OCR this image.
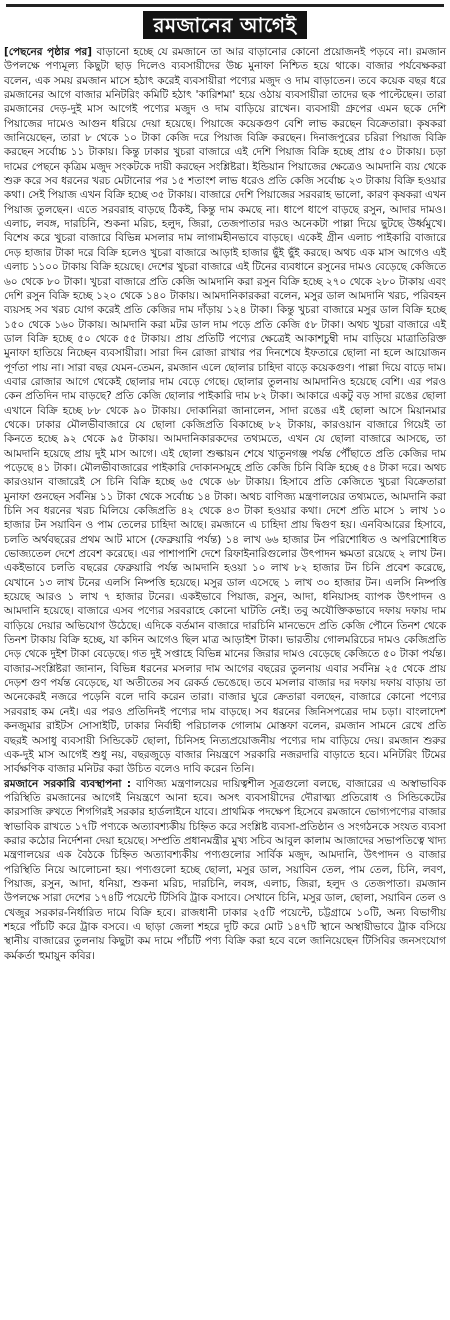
রমজানের আগেই

[পেছনের পৃষ্ঠার পর] বাড়ানো হচ্ছে যে রমজানে তা আর বাড়ানোর কোনো প্রয়োজনই পড়বে না। রমজান উপলক্ষে পণ্যমূল্য কিছুটা ছাড় দিলেও ব্যবসায়ীদের উচ্চ মুনাফা নিশ্চিত হয়ে থাকে। বাজার পর্যবেক্ষকরা বলেন, এক সময় রমজান মাসে হঠাৎ করেই ব্যবসায়ীরা পণ্যের মজুদ ও দাম বাড়াতেন। তবে কয়েক বছর ধরে রমজানের আগে বাজার মনিটরিং কমিটি হঠাৎ 'কারিশমা' হয়ে ওঠায় ব্যবসায়ীরা তাদের ছক পাল্টেছেন। তারা রমজানের দেড়-দুই মাস আগেই পণ্যের মজুদ ও দাম বাড়িয়ে রাখেন। ব্যবসায়ী গ্রুপের এমন ছকে দেশি পিয়াজের দামেও আগুন ধরিয়ে দেয়া হয়েছে। পিয়াজে কয়েকগুণ বেশি লাভ করছেন বিক্রেতারা। কৃষকরা জানিয়েছেন, তারা ৮ থেকে ১০ টাকা কেজি দরে পিয়াজ বিক্রি করছেন। দিনাজপুরের চরিরা পিয়াজ বিক্রি করছেন সর্বোচ্চ ১১ টাকায়। কিন্তু ঢাকার খুচরা বাজারে এই দেশি পিয়াজ বিক্রি হচ্ছে প্রায় ৫০ টাকায়। চড়া দামের পেছনে কৃত্রিম মজুদ সংকটকে দায়ী করছেন সংশ্লিষ্টরা। ইন্ডিয়ান পিয়াজের ক্ষেত্রেও আমদানি ব্যয় থেকে শুরু করে সব ধরনের খরচ মেটানোর পর ১৫ শতাংশ লাভ ধরেও প্রতি কেজি সর্বোচ্চ ২৩ টাকায় বিক্রি হওয়ার কথা। সেই পিয়াজ এখন বিক্রি হচ্ছে ৩৫ টাকায়। বাজারে দেশি পিয়াজের সরবরাহ ভালো, কারণ কৃষকরা এখন পিয়াজ তুলছেন। এতে সরবরাহ বাড়ছে ঠিকই, কিন্তু দাম কমছে না। ধাপে ধাপে বাড়ছে রসুন, আদার দামও। এলাচ, লবঙ্গ, দারচিনি, শুকনা মরিচ, হলুদ, জিরা, তেজপাতার দরও অনেকটা পাল্লা দিয়ে ছুটছে উর্ধ্বমুখে। বিশেষ করে খুচরা বাজারে বিভিন্ন মসলার দাম লাগামহীনভাবে বাড়ছে। একেই গ্রীন এলাচ পাইকারি বাজারে দেড় হাজার টাকা দরে বিক্রি হলেও খুচরা বাজারে আড়াই হাজার ছুঁই ছুঁই করছে। অথচ এক মাস আগেও এই এলাচ ১১০০ টাকায় বিক্রি হয়েছে। দেশের খুচরা বাজারে এই টিনের ব্যবধানে রসুনের দামও বেড়েছে কেজিতে ৬০ থেকে ৮০ টাকা। খুচরা বাজারে প্রতি কেজি আমদানি করা রসুন বিক্রি হচ্ছে ২৭০ থেকে ২৮০ টাকায় এবং দেশি রসুন বিক্রি হচ্ছে ১২০ থেকে ১৪০ টাকায়। আমদানিকারকরা বলেন, মসুর ডাল আমদানি খরচ, পরিবহন ব্যয়সহ সব খরচ যোগ করেই প্রতি কেজির দাম দাঁড়ায় ১২৪ টাকা। কিন্তু খুচরা বাজারে মসুর ডাল বিক্রি হচ্ছে ১৫০ থেকে ১৬০ টাকায়। আমদানি করা মটর ডাল দাম পড়ে প্রতি কেজি ৫৮ টাকা। অথচ খুচরা বাজারে এই ডাল বিক্রি হচ্ছে ৫০ থেকে ৫৫ টাকায়। প্রায় প্রতিটি পণ্যের ক্ষেত্রেই আকাশচুম্বী দাম বাড়িয়ে মাত্রাতিরিক্ত মুনাফা হাতিয়ে নিচ্ছেন ব্যবসায়ীরা। সারা দিন রোজা রাখার পর দিনশেষে ইফতারে ছোলা না হলে আয়োজন পূর্ণতা পায় না। সারা বছর যেমন-তেমন, রমজান এলে ছোলার চাহিদা বাড়ে কয়েকগুণ। পাল্লা দিয়ে বাড়ে দাম। এবার রোজার আগে থেকেই ছোলার দাম বেড়ে গেছে। ছোলার তুলনায় আমদানিও হয়েছে বেশি। এর পরও কেন প্রতিদিন দাম বাড়ছে? প্রতি কেজি ছোলার পাইকারি দাম ৮২ টাকা। আকারে একটু বড় সাদা রঙের ছোলা এখানে বিক্রি হচ্ছে ৮৮ থেকে ৯০ টাকায়। দোকানিরা জানালেন, সাদা রঙের এই ছোলা আসে মিয়ানমার থেকে। ঢাকার মৌলভীবাজারে যে ছোলা কেজিপ্রতি বিকাচ্ছে ৮২ টাকায়, কারওয়ান বাজারে গিয়েই তা কিনতে হচ্ছে ৯২ থেকে ৯৫ টাকায়। আমদানিকারকদের তথ্যমতে, এখন যে ছোলা বাজারে আসছে, তা আমদানি হয়েছে প্রায় দুই মাস আগে। এই ছোলা শুল্কায়ন শেষে খাতুনগঞ্জ পর্যন্ত পৌঁছাতে প্রতি কেজির দাম পড়েছে ৪১ টাকা। মৌলভীবাজারের পাইকারি দোকানসমূহে প্রতি কেজি চিনি বিক্রি হচ্ছে ৫৪ টাকা দরে। অথচ কারওয়ান বাজারেই সে চিনি বিক্রি হচ্ছে ৬৫ থেকে ৬৮ টাকায়। হিসাবে প্রতি কেজিতে খুচরা বিক্রেতারা মুনাফা গুনছেন সর্বনিম্ন ১১ টাকা থেকে সর্বোচ্চ ১৪ টাকা। অথচ বাণিজ্য মন্ত্রণালয়ের তথ্যমতে, আমদানি করা চিনি সব ধরনের খরচ মিলিয়ে কেজিপ্রতি ৪২ থেকে ৪৩ টাকা হওয়ার কথা। দেশে প্রতি মাসে ১ লাখ ১০ হাজার টন সয়াবিন ও পাম তেলের চাহিদা আছে। রমজানে এ চাহিদা প্রায় দ্বিগুণ হয়। এনবিআরের হিসাবে, চলতি অর্থবছরের প্রথম আট মাসে (ফেব্রুয়ারি পর্যন্ত) ১৪ লাখ ৬৬ হাজার টন পরিশোধিত ও অপরিশোধিত ভোজ্যতেল দেশে প্রবেশ করেছে। এর পাশাপাশি দেশে রিফাইনারিগুলোর উৎপাদন ক্ষমতা রয়েছে ২ লাখ টন। একইভাবে চলতি বছরের ফেব্রুয়ারি পর্যন্ত আমদানি হওয়া ১০ লাখ ৮২ হাজার টন চিনি প্রবেশ করেছে, যেখানে ১৩ লাখ টনের এলসি নিষ্পত্তি হয়েছে। মসুর ডাল এসেছে ১ লাখ ৩০ হাজার টন। এলসি নিষ্পত্তি হয়েছে আরও ১ লাখ ৭ হাজার টনের। একইভাবে পিয়াজ, রসুন, আদা, ধনিয়াসহ ব্যাপক উৎপাদন ও আমদানি হয়েছে। বাজারে এসব পণ্যের সরবরাহে কোনো ঘাটতি নেই। তবু অযৌক্তিকভাবে দফায় দফায় দাম বাড়িয়ে দেয়ার অভিযোগ উঠেছে। এদিকে বর্তমান বাজারে দারচিনি মানভেদে প্রতি কেজি পৌনে তিনশ থেকে তিনশ টাকায় বিক্রি হচ্ছে, যা কদিন আগেও ছিল মাত্র আড়াইশ টাকা। ভারতীয় গোলমরিচের দামও কেজিপ্রতি দেড় থেকে দুইশ টাকা বেড়েছে। গত দুই সপ্তাহে বিভিন্ন মানের জিরার দামও বেড়েছে কেজিতে ৫০ টাকা পর্যন্ত। বাজার-সংশ্লিষ্টরা জানান, বিভিন্ন ধরনের মসলার দাম আগের বছরের তুলনায় এবার সর্বনিম্ন ২৫ থেকে প্রায় দেড়শ গুণ পর্যন্ত বেড়েছে, যা অতীতের সব রেকর্ড ভেঙেছে। তবে মসলার বাজার দর দফায় দফায় বাড়ায় তা অনেকেরই নজরে পড়েনি বলে দাবি করেন তারা। বাজার ঘুরে ক্রেতারা বলছেন, বাজারে কোনো পণ্যের সরবরাহ কম নেই। এর পরও প্রতিদিনই পণ্যের দাম বাড়ছে। সব ধরনের জিনিসপত্রের দাম চড়া। বাংলাদেশ কনজুমার রাইটস সোসাইটি, ঢাকার নির্বাহী পরিচালক গোলাম মোস্তফা বলেন, রমজান সামনে রেখে প্রতি বছরই অসাধু ব্যবসায়ী সিন্ডিকেট ছোলা, চিনিসহ নিত্যপ্রয়োজনীয় পণ্যের দাম বাড়িয়ে দেয়। রমজান শুরুর এক-দুই মাস আগেই শুধু নয়, বছরজুড়ে বাজার নিয়ন্ত্রণে সরকারি নজরদারি বাড়াতে হবে। মনিটরিং টিমের সার্বক্ষণিক বাজার মনিটর করা উচিত বলেও দাবি করেন তিনি।

রমজানে সরকারি ব্যবস্থাপনা : বাণিজ্য মন্ত্রণালয়ের দায়িত্বশীল সূত্রগুলো বলছে, বাজারের এ অস্বাভাবিক পরিস্থিতি রমজানের আগেই নিয়ন্ত্রণে আনা হবে। অসৎ ব্যবসায়ীদের দৌরাত্ম্য প্রতিরোধ ও সিন্ডিকেটের কারসাজি রুখতে শিগগিরই সরকার হার্ডলাইনে যাবে। প্রাথমিক পদক্ষেপ হিসেবে রমজানে ভোগ্যপণ্যের বাজার স্বাভাবিক রাখতে ১৭টি পণ্যকে অত্যাবশ্যকীয় চিহ্নিত করে সংশ্লিষ্ট ব্যবসা-প্রতিষ্ঠান ও সংগঠনকে সংযত ব্যবসা করার কঠোর নির্দেশনা দেয়া হয়েছে। সম্প্রতি প্রধানমন্ত্রীর মুখ্য সচিব আবুল কালাম আজাদের সভাপতিত্বে খাদ্য মন্ত্রণালয়ের এক বৈঠকে চিহ্নিত অত্যাবশ্যকীয় পণ্যগুলোর সার্বিক মজুদ, আমদানি, উৎপাদন ও বাজার পরিস্থিতি নিয়ে আলোচনা হয়। পণ্যগুলো হচ্ছে ছোলা, মসুর ডাল, সয়াবিন তেল, পাম তেল, চিনি, লবণ, পিয়াজ, রসুন, আদা, ধনিয়া, শুকনা মরিচ, দারচিনি, লবঙ্গ, এলাচ, জিরা, হলুদ ও তেজপাতা। রমজান উপলক্ষে সারা দেশের ১৭৪টি পয়েন্টে টিসিবি ট্রাক বসাবে। সেখানে চিনি, মসুর ডাল, ছোলা, সয়াবিন তেল ও খেজুর সরকার-নির্ধারিত দামে বিক্রি হবে। রাজধানী ঢাকার ২৫টি পয়েন্টে, চট্টগ্রামে ১০টি, অন্য বিভাগীয় শহরে পাঁচটি করে ট্রাক বসবে। এ ছাড়া জেলা শহরে দুটি করে মোট ১৪৭টি স্থানে অস্থায়ীভাবে ট্রাক বসিয়ে স্থানীয় বাজারের তুলনায় কিছুটা কম দামে পাঁচটি পণ্য বিক্রি করা হবে বলে জানিয়েছেন টিসিবির জনসংযোগ কর্মকর্তা হুমায়ুন কবির।
